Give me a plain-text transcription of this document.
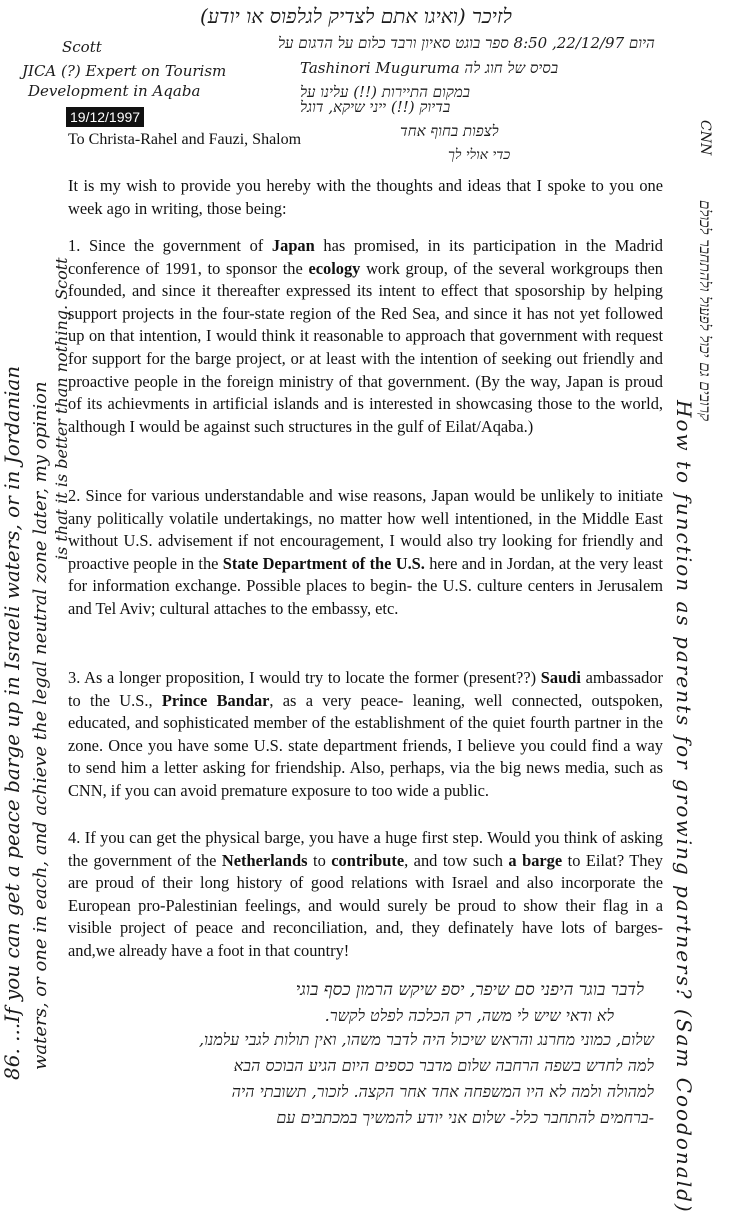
לזיכר (ואיגו אתם לצדיק לגלפוס או יודע)
היום 22/12/97, 8:50 ספר בוגט סאיון ורבד כלום על הדגום על
בסיס של חוג לה Tashinori Muguruma
במקום התיירות (!!) עלינו על
בדיוק (!!) ייני שיקא, דוגל
לצפות בחוף אחד
כדי אולי לך
Scott
JICA (?) Expert on Tourism
Development in Aqaba
CNN
86. ...If you can get a peace barge up in Israeli waters, or in Jordanian waters, or one in each, and achieve the legal neutral zone later, my opinion is that it is better than nothing. Scott	קרובים גם יכול לפעול ולהתחבר לכולם
How to function as parents for growing partners? (Sam Coodonald)
19/12/1997
To Christa-Rahel and Fauzi, Shalom

It is my wish to provide you hereby with the thoughts and ideas that I spoke to you one week ago in writing, those being:

1. Since the government of Japan has promised, in its participation in the Madrid conference of 1991, to sponsor the ecology work group, of the several workgroups then founded, and since it thereafter expressed its intent to effect that sposorship by helping support projects in the four-state region of the Red Sea, and since it has not yet followed up on that intention, I would think it reasonable to approach that government with request for support for the barge project, or at least with the intention of seeking out friendly and proactive people in the foreign ministry of that government. (By the way, Japan is proud of its achievments in artificial islands and is interested in showcasing those to the world, although I would be against such structures in the gulf of Eilat/Aqaba.)

2. Since for various understandable and wise reasons, Japan would be unlikely to initiate any politically volatile undertakings, no matter how well intentioned, in the Middle East without U.S. advisement if not encouragement, I would also try looking for friendly and proactive people in the State Department of the U.S. here and in Jordan, at the very least for information exchange. Possible places to begin- the U.S. culture centers in Jerusalem and Tel Aviv; cultural attaches to the embassy, etc.

3. As a longer proposition, I would try to locate the former (present??) Saudi ambassador to the U.S., Prince Bandar, as a very peace- leaning, well connected, outspoken, educated, and sophisticated member of the establishment of the quiet fourth partner in the zone. Once you have some U.S. state department friends, I believe you could find a way to send him a letter asking for friendship. Also, perhaps, via the big news media, such as CNN, if you can avoid premature exposure to too wide a public.

4. If you can get the physical barge, you have a huge first step. Would you think of asking the government of the Netherlands to contribute, and tow such a barge to Eilat? They are proud of their long history of good relations with Israel and also incorporate the European pro-Palestinian feelings, and would surely be proud to show their flag in a visible project of peace and reconciliation, and, they definately have lots of barges- and,we already have a foot in that country!

לדבר בוגר היפני סם שיפר, יספ שיקש הרמון כסף בוגי
לא ודאי שיש לי משה, רק הכלכה לפלט לקשר.
שלום, כמוני מחרנג והראש שיכול היה לדבר משהו, ואין תולות לגבי עלמנו,
למה לחדש בשפה הרחבה שלום מדבר כספים היום הגיע הבוכס הבא
למהולה ולמה לא היו המשפחה אחד אחר הקצה. לזכור, תשובתי היה
-ברחמים להתחבר כלל- שלום אני יודע להמשיך במכתבים עם
